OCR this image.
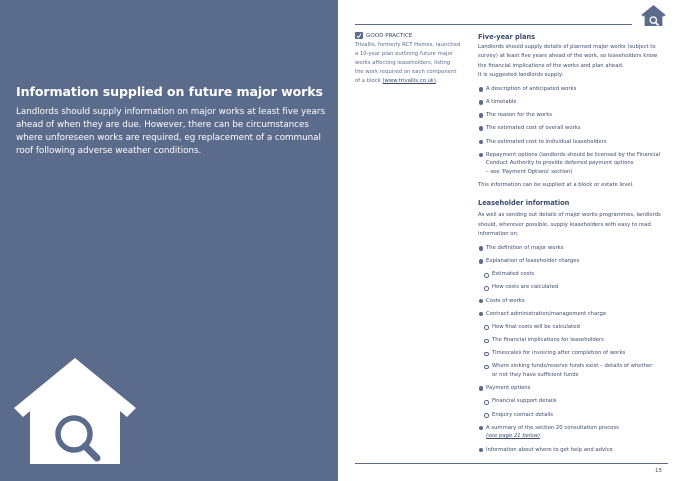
Information supplied on future major works

Landlords should supply information on major works at least five years ahead of when they are due. However, there can be circumstances where unforeseen works are required, eg replacement of a communal roof following adverse weather conditions.

GOOD PRACTICE

Trivallis, formerly RCT Homes, launched
a 10-year plan outlining future major
works affecting leaseholders, listing
the work required on each component
of a block (www.trivallis.co.uk).

Five-year plans

Landlords should supply details of planned major works (subject to
survey) at least five years ahead of the work, so leaseholders know
the financial implications of the works and plan ahead.
It is suggested landlords supply:

A description of anticipated works
A timetable
The reason for the works
The estimated cost of overall works
The estimated cost to individual leaseholders
Repayment options (landlords should be licensed by the Financial
Conduct Authority to provide deferred payment options
– see 'Payment Options' section)

This information can be supplied at a block or estate level.

Leaseholder information

As well as sending out details of major works programmes, landlords
should, wherever possible, supply leaseholders with easy to read
information on:

The definition of major works
Explanation of leaseholder charges
Estimated costs
How costs are calculated
Costs of works
Contract administration/management charge
How final costs will be calculated
The financial implications for leaseholders
Timescales for invoicing after completion of works
Where sinking funds/reserve funds exist – details of whether
or not they have sufficient funds
Payment options
Financial support details
Enquiry contact details
A summary of the section 20 consultation process
(see page 21 below)
Information about where to get help and advice
15
